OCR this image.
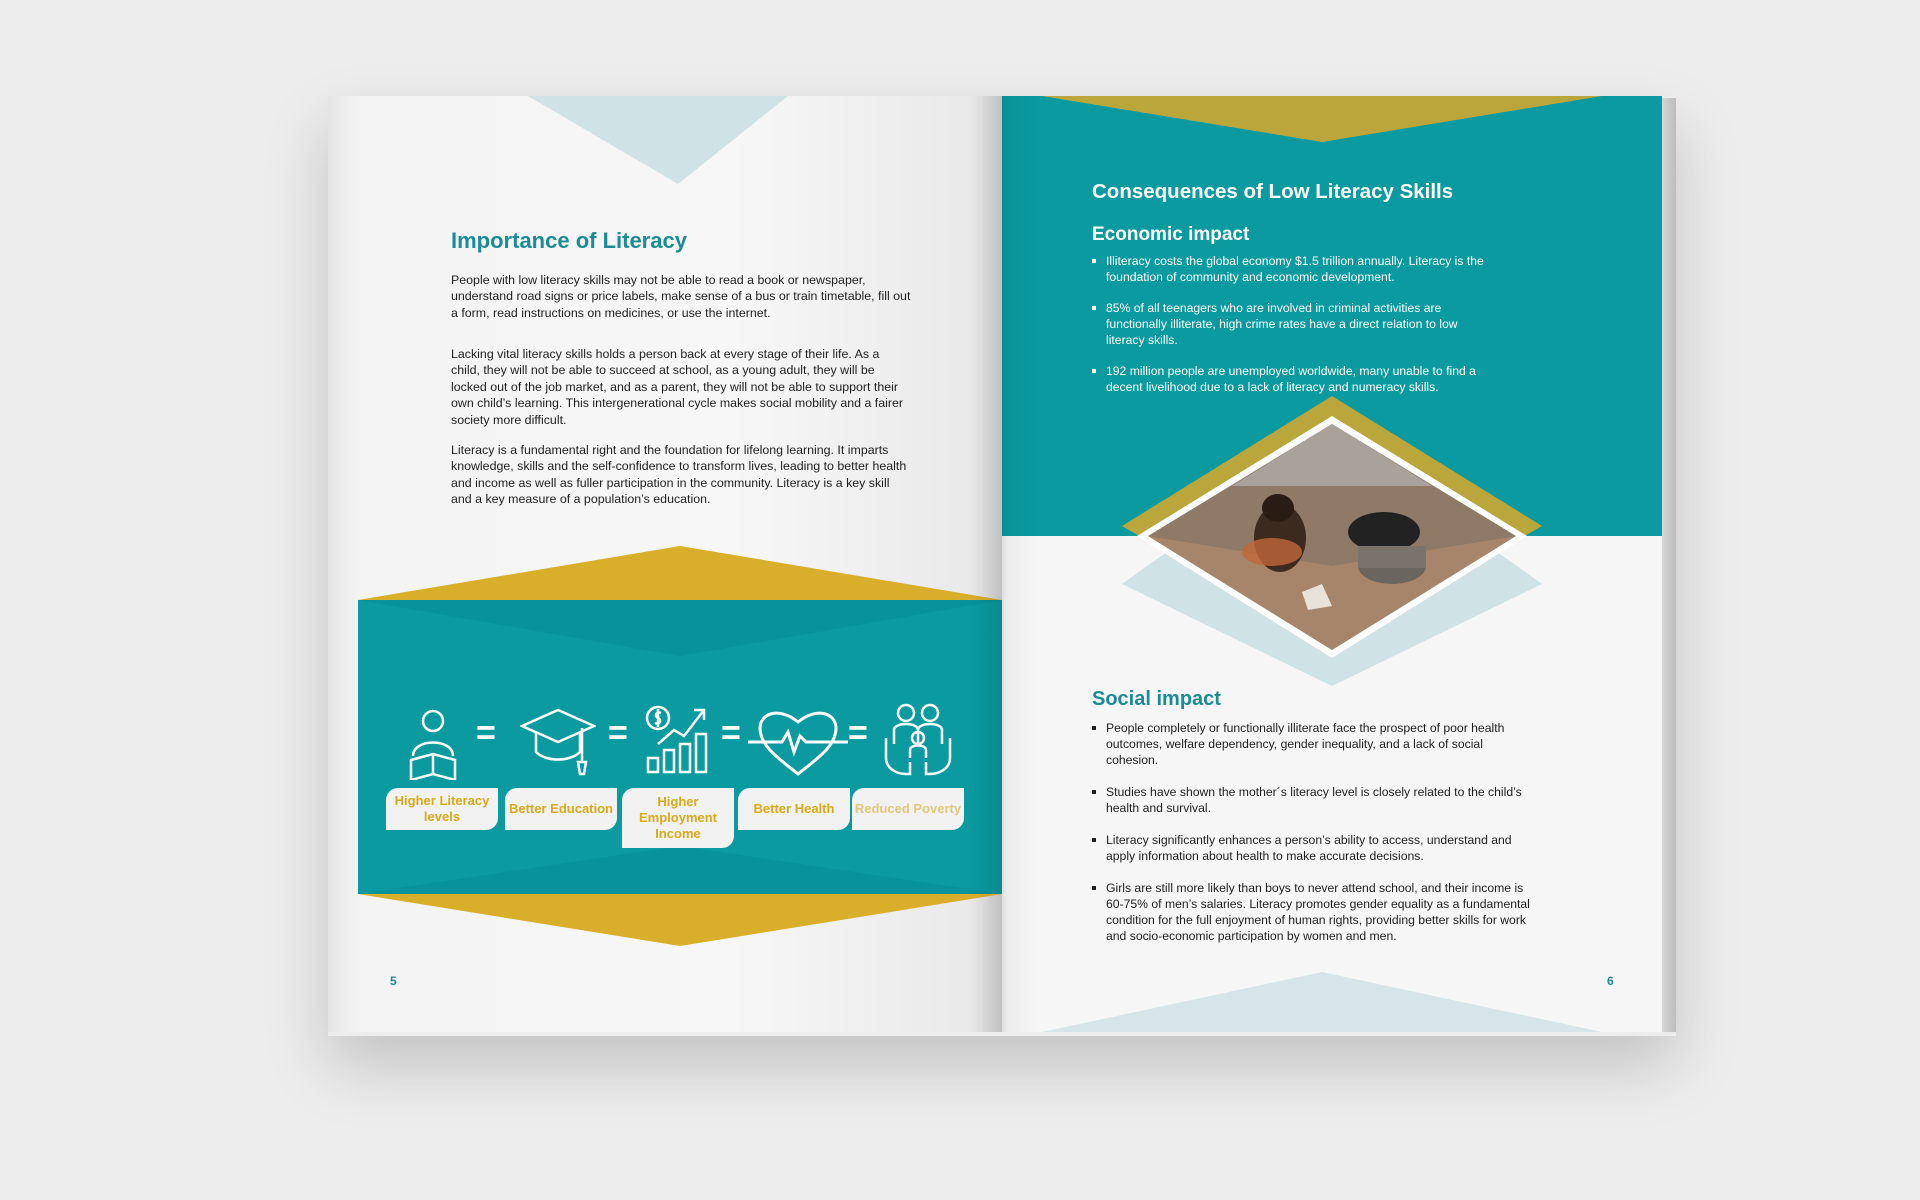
Importance of Literacy

People with low literacy skills may not be able to read a book or newspaper, understand road signs or price labels, make sense of a bus or train timetable, fill out a form, read instructions on medicines, or use the internet.

Lacking vital literacy skills holds a person back at every stage of their life. As a child, they will not be able to succeed at school, as a young adult, they will be locked out of the job market, and as a parent, they will not be able to support their own child’s learning. This intergenerational cycle makes social mobility and a fairer society more difficult.

Literacy is a fundamental right and the foundation for lifelong learning. It imparts knowledge, skills and the self-confidence to transform lives, leading to better health and income as well as fuller participation in the community. Literacy is a key skill and a key measure of a population’s education.

=	=	=	=
Higher Literacy levels
Better Education	Higher Employment Income
Better Health	Reduced Poverty
5
Consequences of Low Literacy Skills
Economic impact
Illiteracy costs the global economy $1.5 trillion annually. Literacy is the foundation of community and economic development.
85% of all teenagers who are involved in criminal activities are functionally illiterate, high crime rates have a direct relation to low literacy skills.
192 million people are unemployed worldwide, many unable to find a decent livelihood due to a lack of literacy and numeracy skills.
Social impact
People completely or functionally illiterate face the prospect of poor health outcomes, welfare dependency, gender inequality, and a lack of social cohesion.
Studies have shown the mother´s literacy level is closely related to the child’s health and survival.
Literacy significantly enhances a person’s ability to access, understand and apply information about health to make accurate decisions.
Girls are still more likely than boys to never attend school, and their income is 60-75% of men’s salaries. Literacy promotes gender equality as a fundamental condition for the full enjoyment of human rights, providing better skills for work and socio-economic participation by women and men.
6
